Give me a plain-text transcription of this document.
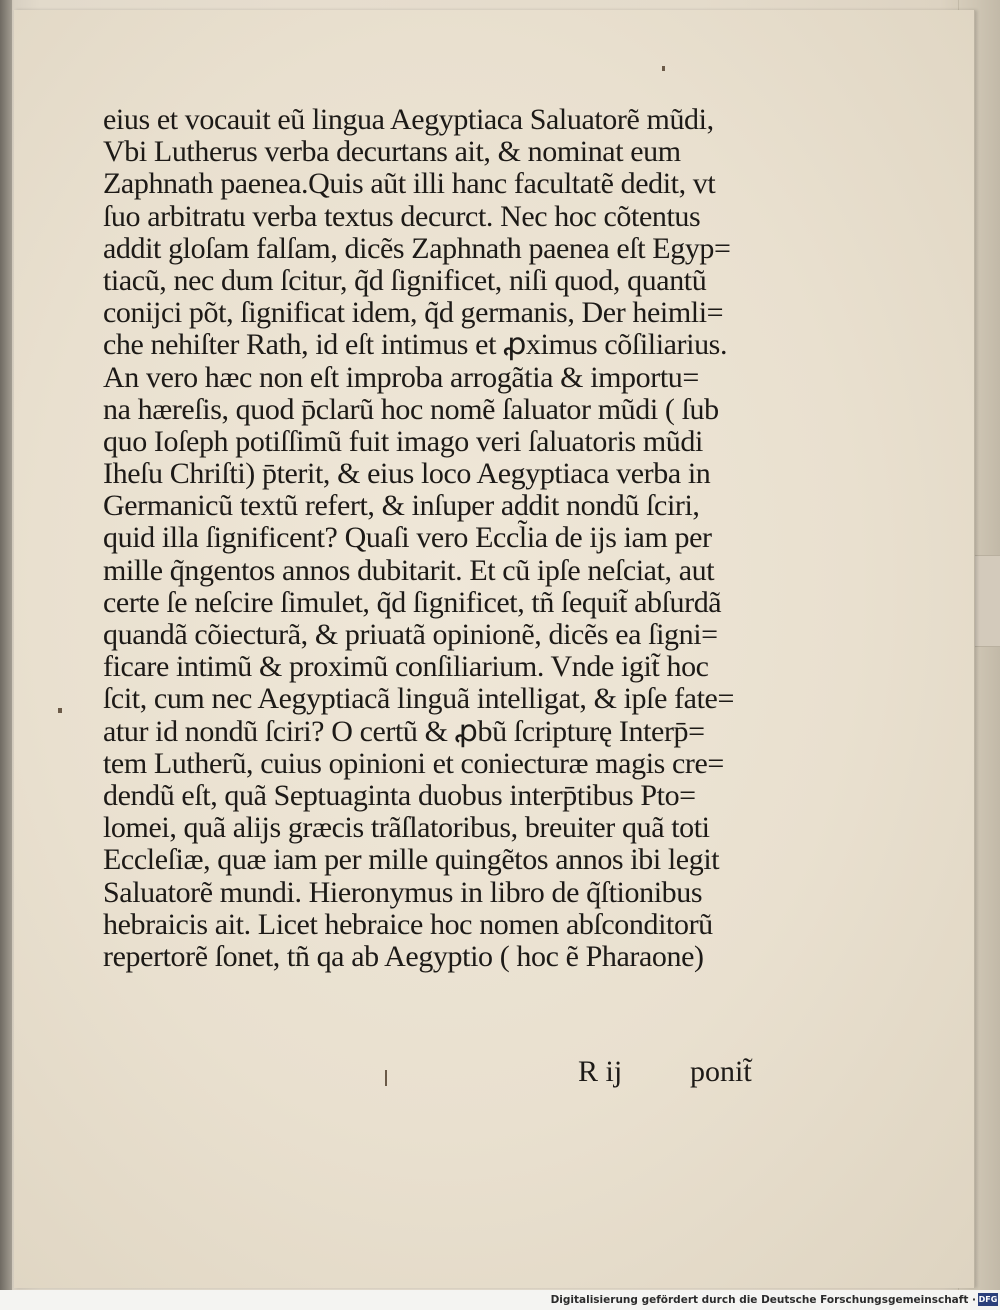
eius et vocauit eũ lingua Aegyptiaca Saluatorẽ mũdi,
Vbi Lutherus verba decurtans ait, & nominat eum
Zaphnath paenea.Quis aũt illi hanc facultatẽ dedit, vt
ſuo arbitratu verba textus decurct. Nec hoc cõtentus
addit gloſam falſam, dicẽs Zaphnath paenea eſt Egyp=
tiacũ, nec dum ſcitur, q̃d ſignificet, niſi quod, quantũ
conijci põt, ſignificat idem, q̃d germanis, Der heimli=
che nehiſter Rath, id eſt intimus et ꝓximus cõſiliarius.
An vero hæc non eſt improba arrogãtia & importu=
na hæreſis, quod p̄clarũ hoc nomẽ ſaluator mũdi ( ſub
quo Ioſeph potiſſimũ fuit imago veri ſaluatoris mũdi
Iheſu Chriſti) p̄terit, & eius loco Aegyptiaca verba in
Germanicũ textũ refert, & inſuper addit nondũ ſciri,
quid illa ſignificent? Quaſi vero Eccl̃ia de ijs iam per
mille q̃ngentos annos dubitarit. Et cũ ipſe neſciat, aut
certe ſe neſcire ſimulet, q̃d ſignificet, tñ ſequit̃ abſurdã
quandã cõiecturã, & priuatã opinionẽ, dicẽs ea ſigni=
ficare intimũ & proximũ conſiliarium. Vnde igit̃ hoc
ſcit, cum nec Aegyptiacã linguã intelligat, & ipſe fate=
atur id nondũ ſciri? O certũ & ꝓbũ ſcripturę Interp̄=
tem Lutherũ, cuius opinioni et coniecturæ magis cre=
dendũ eſt, quã Septuaginta duobus interp̄tibus Pto=
lomei, quã alijs græcis trãſlatoribus, breuiter quã toti
Eccleſiæ, quæ iam per mille quingẽtos annos ibi legit
Saluatorẽ mundi. Hieronymus in libro de q̃ſtionibus
hebraicis ait. Licet hebraice hoc nomen abſconditorũ
repertorẽ ſonet, tñ qa ab Aegyptio ( hoc ẽ Pharaone)
R ij ponit̃
Digitalisierung gefördert durch die Deutsche Forschungsgemeinschaft · DFG
